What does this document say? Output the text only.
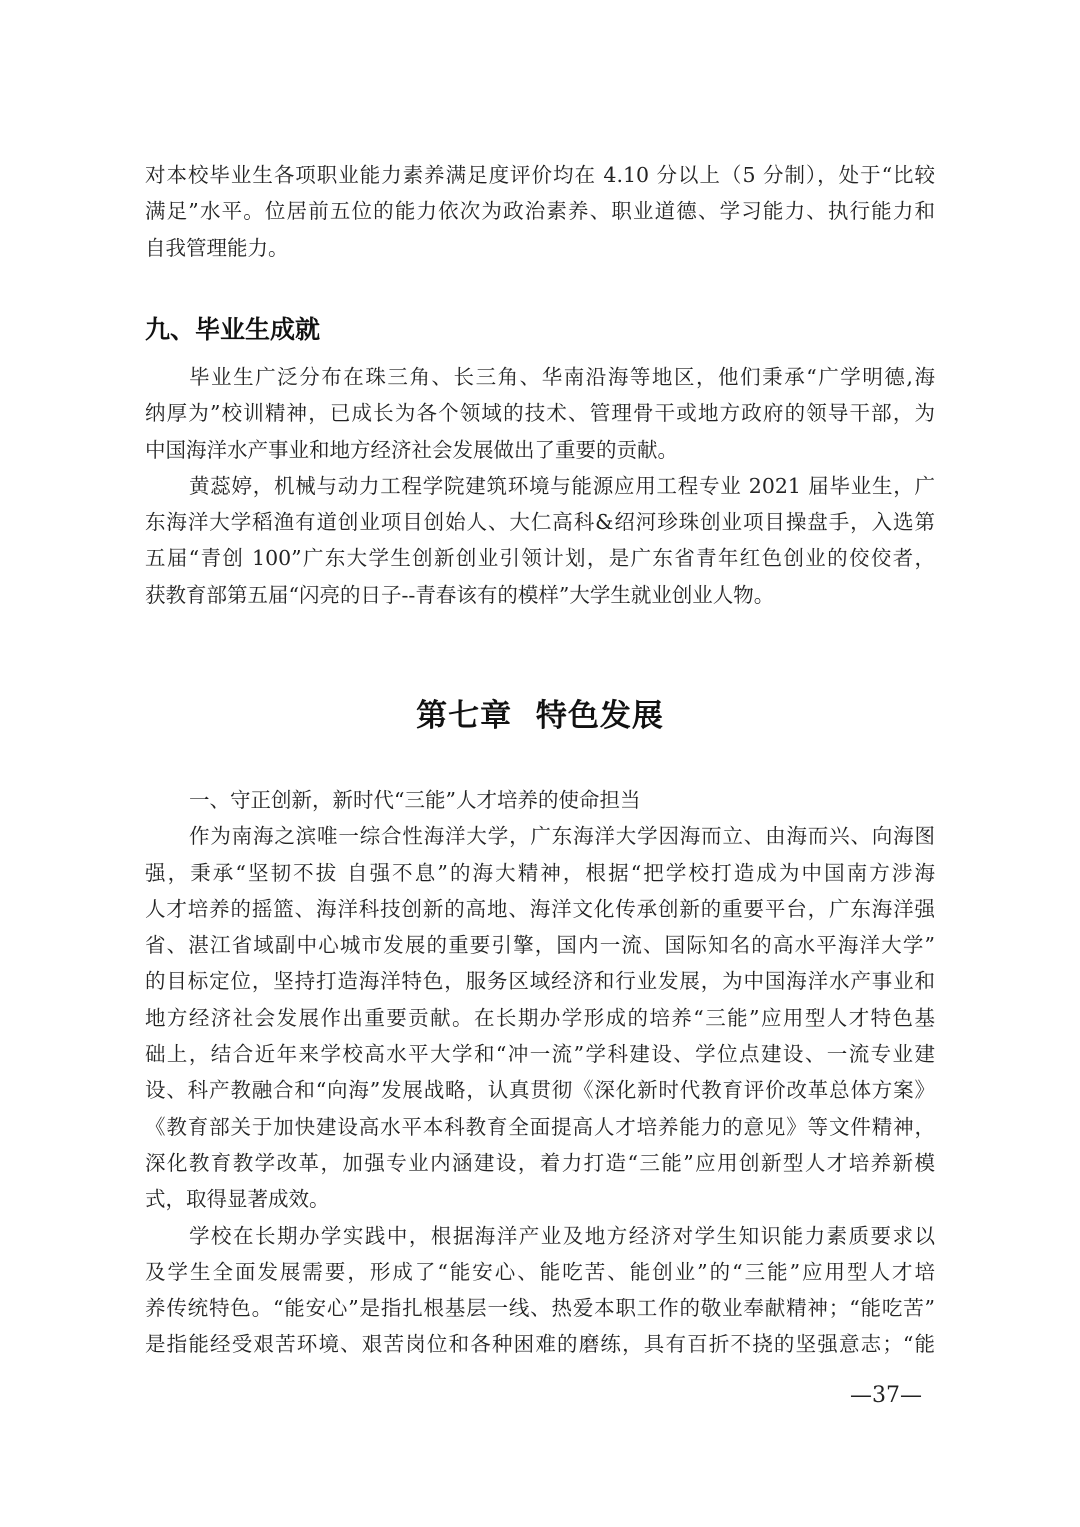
对本校毕业生各项职业能力素养满足度评价均在 4.10 分以上（5 分制），处于“比较
满足”水平。位居前五位的能力依次为政治素养、职业道德、学习能力、执行能力和
自我管理能力。
九、毕业生成就
毕业生广泛分布在珠三角、长三角、华南沿海等地区，他们秉承“广学明德,海
纳厚为”校训精神，已成长为各个领域的技术、管理骨干或地方政府的领导干部，为
中国海洋水产事业和地方经济社会发展做出了重要的贡献。
黄蕊婷，机械与动力工程学院建筑环境与能源应用工程专业 2021 届毕业生，广
东海洋大学稻渔有道创业项目创始人、大仁高科&绍河珍珠创业项目操盘手，入选第
五届“青创 100”广东大学生创新创业引领计划，是广东省青年红色创业的佼佼者，
获教育部第五届“闪亮的日子--青春该有的模样”大学生就业创业人物。
第七章 特色发展
一、守正创新，新时代“三能”人才培养的使命担当
作为南海之滨唯一综合性海洋大学，广东海洋大学因海而立、由海而兴、向海图
强，秉承“坚韧不拔 自强不息”的海大精神，根据“把学校打造成为中国南方涉海
人才培养的摇篮、海洋科技创新的高地、海洋文化传承创新的重要平台，广东海洋强
省、湛江省域副中心城市发展的重要引擎，国内一流、国际知名的高水平海洋大学”
的目标定位，坚持打造海洋特色，服务区域经济和行业发展，为中国海洋水产事业和
地方经济社会发展作出重要贡献。在长期办学形成的培养“三能”应用型人才特色基
础上，结合近年来学校高水平大学和“冲一流”学科建设、学位点建设、一流专业建
设、科产教融合和“向海”发展战略，认真贯彻《深化新时代教育评价改革总体方案》
《教育部关于加快建设高水平本科教育全面提高人才培养能力的意见》等文件精神，
深化教育教学改革，加强专业内涵建设，着力打造“三能”应用创新型人才培养新模
式，取得显著成效。
学校在长期办学实践中，根据海洋产业及地方经济对学生知识能力素质要求以
及学生全面发展需要，形成了“能安心、能吃苦、能创业”的“三能”应用型人才培
养传统特色。“能安心”是指扎根基层一线、热爱本职工作的敬业奉献精神；“能吃苦”
是指能经受艰苦环境、艰苦岗位和各种困难的磨练，具有百折不挠的坚强意志；“能
—37—
